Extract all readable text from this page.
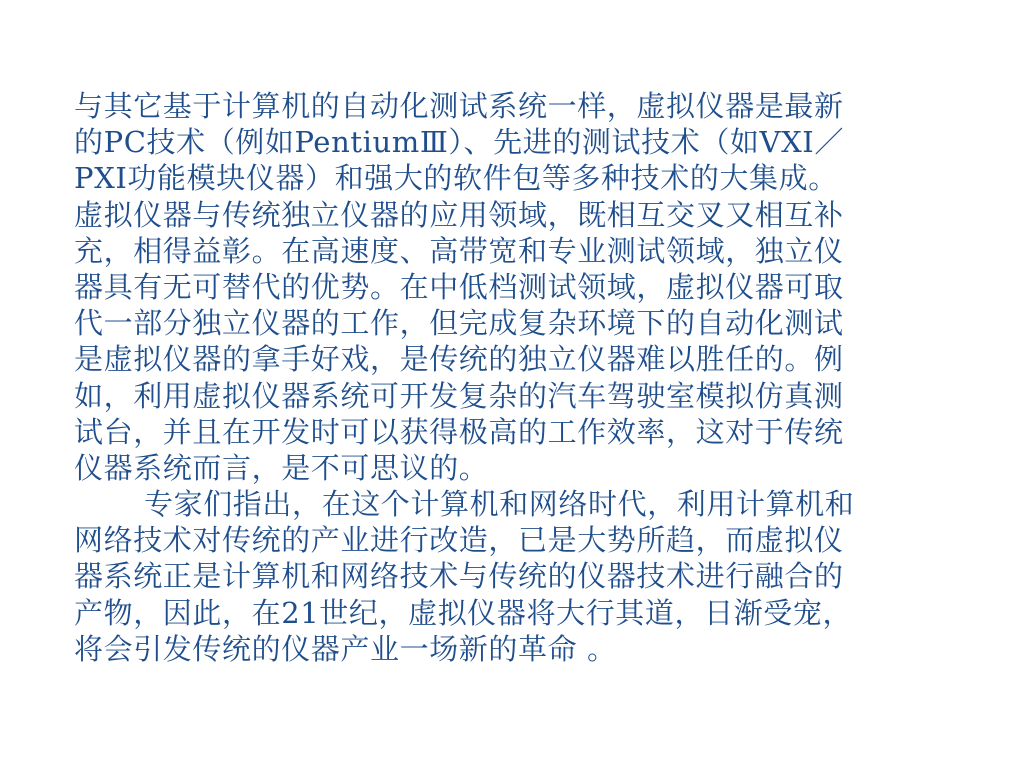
与其它基于计算机的自动化测试系统一样，虚拟仪器是最新
的PC技术（例如PentiumⅢ）、先进的测试技术（如VXI／
PXI功能模块仪器）和强大的软件包等多种技术的大集成。
虚拟仪器与传统独立仪器的应用领域，既相互交叉又相互补
充，相得益彰。在高速度、高带宽和专业测试领域，独立仪
器具有无可替代的优势。在中低档测试领域，虚拟仪器可取
代一部分独立仪器的工作，但完成复杂环境下的自动化测试
是虚拟仪器的拿手好戏，是传统的独立仪器难以胜任的。例
如，利用虚拟仪器系统可开发复杂的汽车驾驶室模拟仿真测
试台，并且在开发时可以获得极高的工作效率，这对于传统
仪器系统而言，是不可思议的。
专家们指出，在这个计算机和网络时代，利用计算机和
网络技术对传统的产业进行改造，已是大势所趋，而虚拟仪
器系统正是计算机和网络技术与传统的仪器技术进行融合的
产物，因此，在21世纪，虚拟仪器将大行其道，日渐受宠，
将会引发传统的仪器产业一场新的革命 。
